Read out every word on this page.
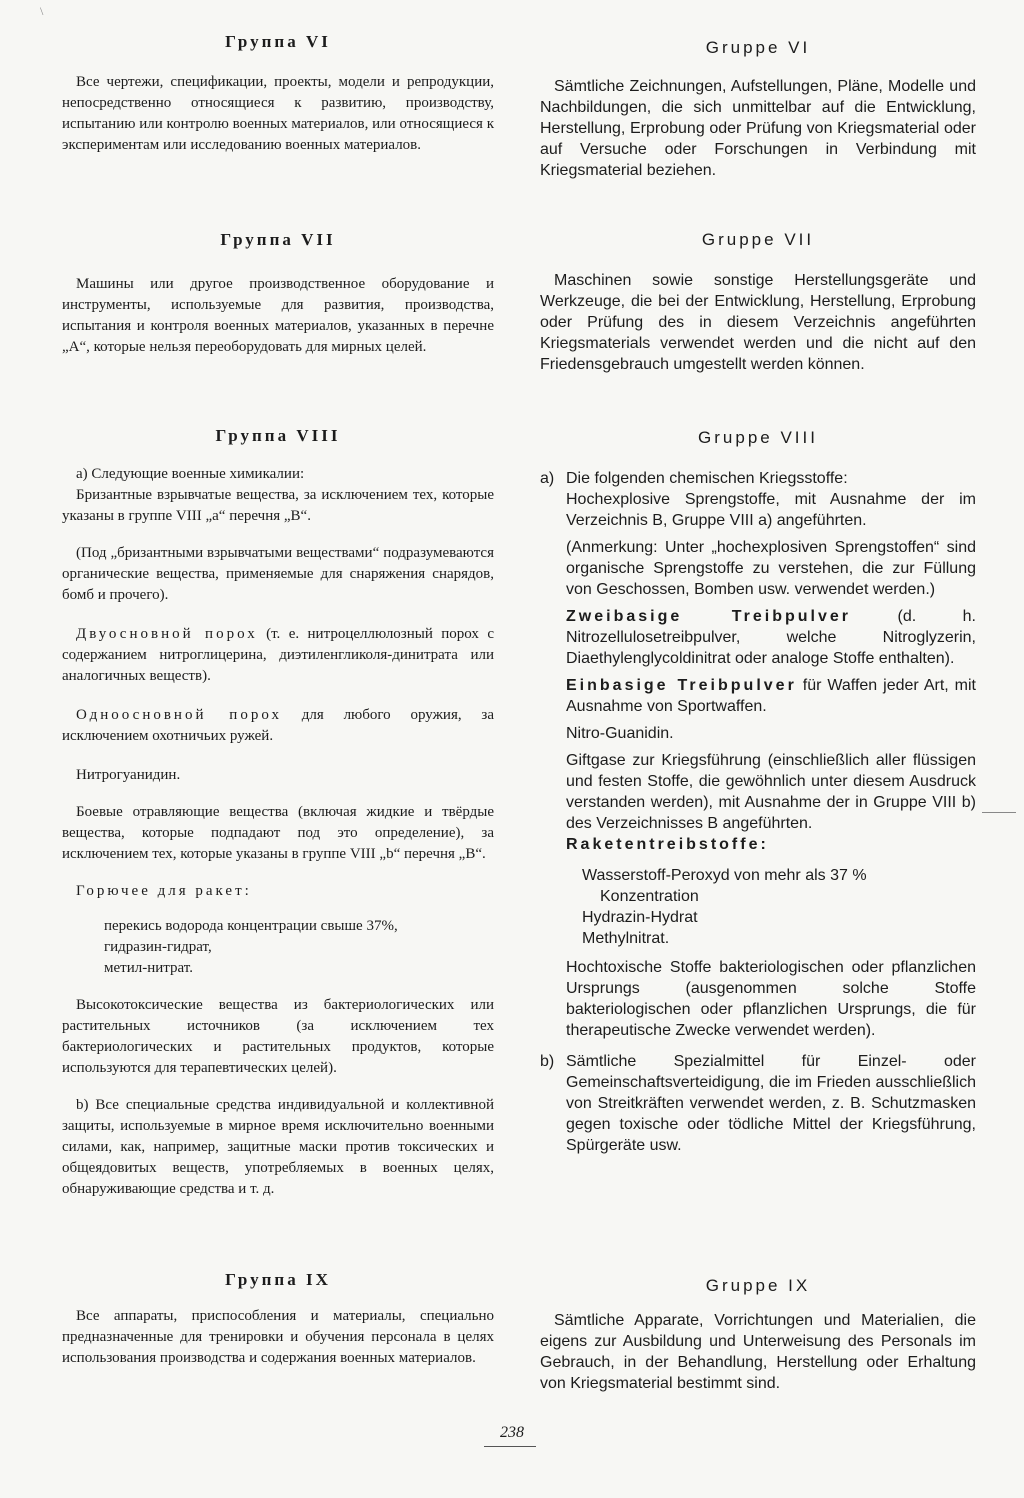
\
Группа VI

Все чертежи, спецификации, проекты, модели и репродукции, непосредственно относящиеся к развитию, производству, испытанию или контролю военных материалов, или относящиеся к экспериментам или исследованию военных материалов.

Группа VII

Машины или другое производственное оборудование и инструменты, используемые для развития, производства, испытания и контроля военных материалов, указанных в перечне „А“, которые нельзя переоборудовать для мирных целей.

Группа VIII

а) Следующие военные химикалии:

Бризантные взрывчатые вещества, за исключением тех, которые указаны в группе VIII „а“ перечня „В“.

(Под „бризантными взрывчатыми веществами“ подразумеваются органические вещества, применяемые для снаряжения снарядов, бомб и прочего).

Двуосновной порох (т. е. нитроцеллюлозный порох с содержанием нитроглицерина, диэтиленгликоля-динитрата или аналогичных веществ).

Одноосновной порох для любого оружия, за исключением охотничьих ружей.

Нитрогуанидин.

Боевые отравляющие вещества (включая жидкие и твёрдые вещества, которые подпадают под это определение), за исключением тех, которые указаны в группе VIII „b“ перечня „В“.

Горючее для ракет:

перекись водорода концентрации свыше 37%,
гидразин-гидрат,
метил-нитрат.

Высокотоксические вещества из бактериологических или растительных источников (за исключением тех бактериологических и растительных продуктов, которые используются для терапевтических целей).

b) Все специальные средства индивидуальной и коллективной защиты, используемые в мирное время исключительно военными силами, как, например, защитные маски против токсических и общеядовитых веществ, употребляемых в военных целях, обнаруживающие средства и т. д.

Группа IX

Все аппараты, приспособления и материалы, специально предназначенные для тренировки и обучения персонала в целях использования производства и содержания военных материалов.

Gruppe VI

Sämtliche Zeichnungen, Aufstellungen, Pläne, Modelle und Nachbildungen, die sich unmittelbar auf die Entwicklung, Herstellung, Erprobung oder Prüfung von Kriegsmaterial oder auf Versuche oder Forschungen in Verbindung mit Kriegsmaterial beziehen.

Gruppe VII

Maschinen sowie sonstige Herstellungsgeräte und Werkzeuge, die bei der Entwicklung, Herstellung, Erprobung oder Prüfung des in diesem Verzeichnis angeführten Kriegsmaterials verwendet werden und die nicht auf den Friedensgebrauch umgestellt werden können.

Gruppe VIII
a) Die folgenden chemischen Kriegsstoffe:

Hochexplosive Sprengstoffe, mit Ausnahme der im Verzeichnis B, Gruppe VIII a) angeführten.

(Anmerkung: Unter „hochexplosiven Sprengstoffen“ sind organische Sprengstoffe zu verstehen, die zur Füllung von Geschossen, Bomben usw. verwendet werden.)

Zweibasige Treibpulver (d. h. Nitrozellulosetreibpulver, welche Nitroglyzerin, Diaethylenglycoldinitrat oder analoge Stoffe enthalten).

Einbasige Treibpulver für Waffen jeder Art, mit Ausnahme von Sportwaffen.

Nitro-Guanidin.

Giftgase zur Kriegsführung (einschließlich aller flüssigen und festen Stoffe, die gewöhnlich unter diesem Ausdruck verstanden werden), mit Ausnahme der in Gruppe VIII b) des Verzeichnisses B angeführten.

Raketentreibstoffe:

Wasserstoff-Peroxyd von mehr als 37 %
Konzentration
Hydrazin-Hydrat
Methylnitrat.

Hochtoxische Stoffe bakteriologischen oder pflanzlichen Ursprungs (ausgenommen solche Stoffe bakteriologischen oder pflanzlichen Ursprungs, die für therapeutische Zwecke verwendet werden).

b) Sämtliche Spezialmittel für Einzel- oder Gemeinschaftsverteidigung, die im Frieden ausschließlich von Streitkräften verwendet werden, z. B. Schutzmasken gegen toxische oder tödliche Mittel der Kriegsführung, Spürgeräte usw.

Gruppe IX

Sämtliche Apparate, Vorrichtungen und Materialien, die eigens zur Ausbildung und Unterweisung des Personals im Gebrauch, in der Behandlung, Herstellung oder Erhaltung von Kriegsmaterial bestimmt sind.

238
